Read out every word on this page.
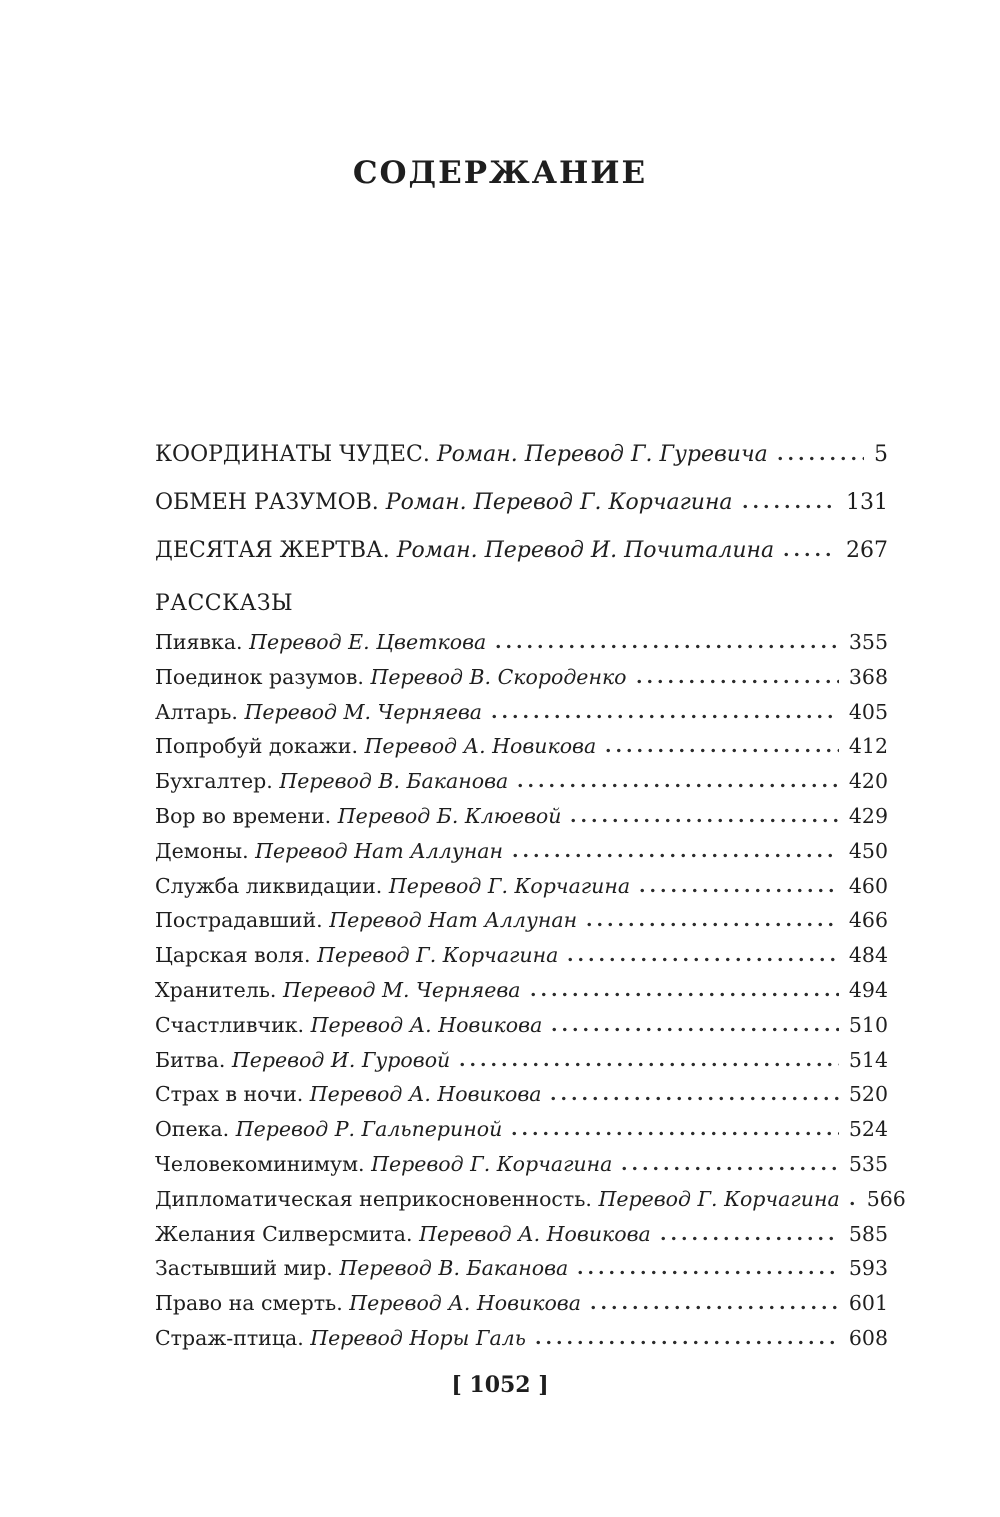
СОДЕРЖАНИЕ
КООРДИНАТЫ ЧУДЕС. Роман. Перевод Г. Гуревича	5
ОБМЕН РАЗУМОВ. Роман. Перевод Г. Корчагина	131
ДЕСЯТАЯ ЖЕРТВА. Роман. Перевод И. Почиталина	267
РАССКАЗЫ
Пиявка. Перевод Е. Цветкова	355
Поединок разумов. Перевод В. Скороденко	368
Алтарь. Перевод М. Черняева	405
Попробуй докажи. Перевод А. Новикова	412
Бухгалтер. Перевод В. Баканова	420
Вор во времени. Перевод Б. Клюевой	429
Демоны. Перевод Нат Аллунан	450
Служба ликвидации. Перевод Г. Корчагина	460
Пострадавший. Перевод Нат Аллунан	466
Царская воля. Перевод Г. Корчагина	484
Хранитель. Перевод М. Черняева	494
Счастливчик. Перевод А. Новикова	510
Битва. Перевод И. Гуровой	514
Страх в ночи. Перевод А. Новикова	520
Опека. Перевод Р. Гальпериной	524
Человекоминимум. Перевод Г. Корчагина	535
Дипломатическая неприкосновенность. Перевод Г. Корчагина 566
Желания Силверсмита. Перевод А. Новикова	585
Застывший мир. Перевод В. Баканова	593
Право на смерть. Перевод А. Новикова	601
Страж-птица. Перевод Норы Галь	608
[ 1052 ]
